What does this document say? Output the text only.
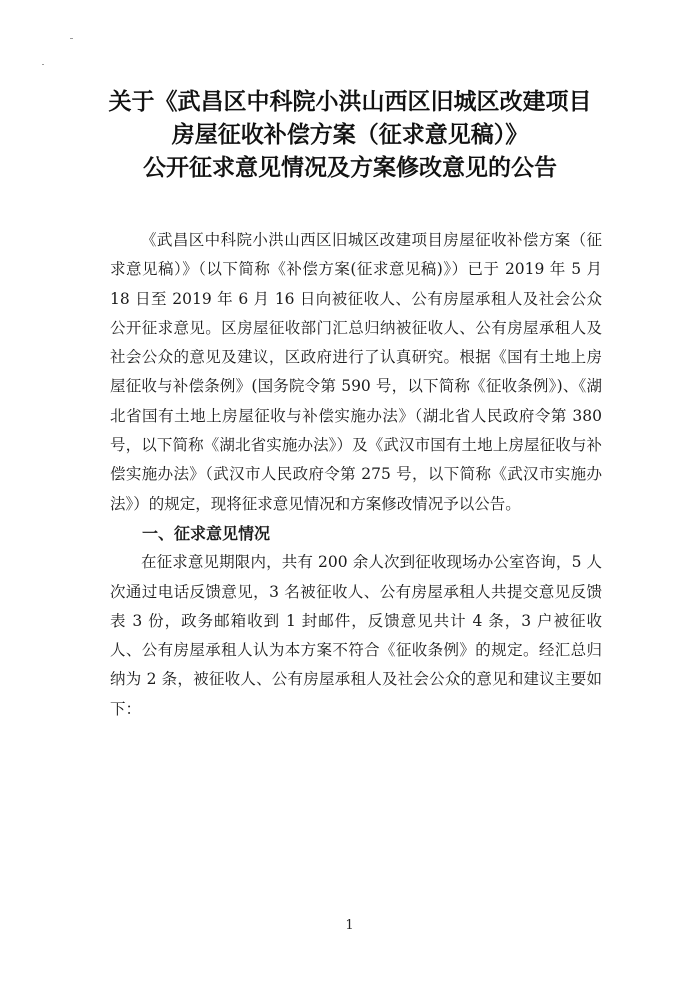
关于《武昌区中科院小洪山西区旧城区改建项目
房屋征收补偿方案（征求意见稿）》
公开征求意见情况及方案修改意见的公告

《武昌区中科院小洪山西区旧城区改建项目房屋征收补偿方案（征求意见稿）》（以下简称《补偿方案(征求意见稿)》）已于 2019 年 5 月 18 日至 2019 年 6 月 16 日向被征收人、公有房屋承租人及社会公众公开征求意见。区房屋征收部门汇总归纳被征收人、公有房屋承租人及社会公众的意见及建议，区政府进行了认真研究。根据《国有土地上房屋征收与补偿条例》(国务院令第 590 号，以下简称《征收条例》)、《湖北省国有土地上房屋征收与补偿实施办法》（湖北省人民政府令第 380 号，以下简称《湖北省实施办法》）及《武汉市国有土地上房屋征收与补偿实施办法》（武汉市人民政府令第 275 号，以下简称《武汉市实施办法》）的规定，现将征求意见情况和方案修改情况予以公告。

一、征求意见情况

在征求意见期限内，共有 200 余人次到征收现场办公室咨询，5 人次通过电话反馈意见，3 名被征收人、公有房屋承租人共提交意见反馈表 3 份，政务邮箱收到 1 封邮件，反馈意见共计 4 条，3 户被征收人、公有房屋承租人认为本方案不符合《征收条例》的规定。经汇总归纳为 2 条，被征收人、公有房屋承租人及社会公众的意见和建议主要如下：

1
